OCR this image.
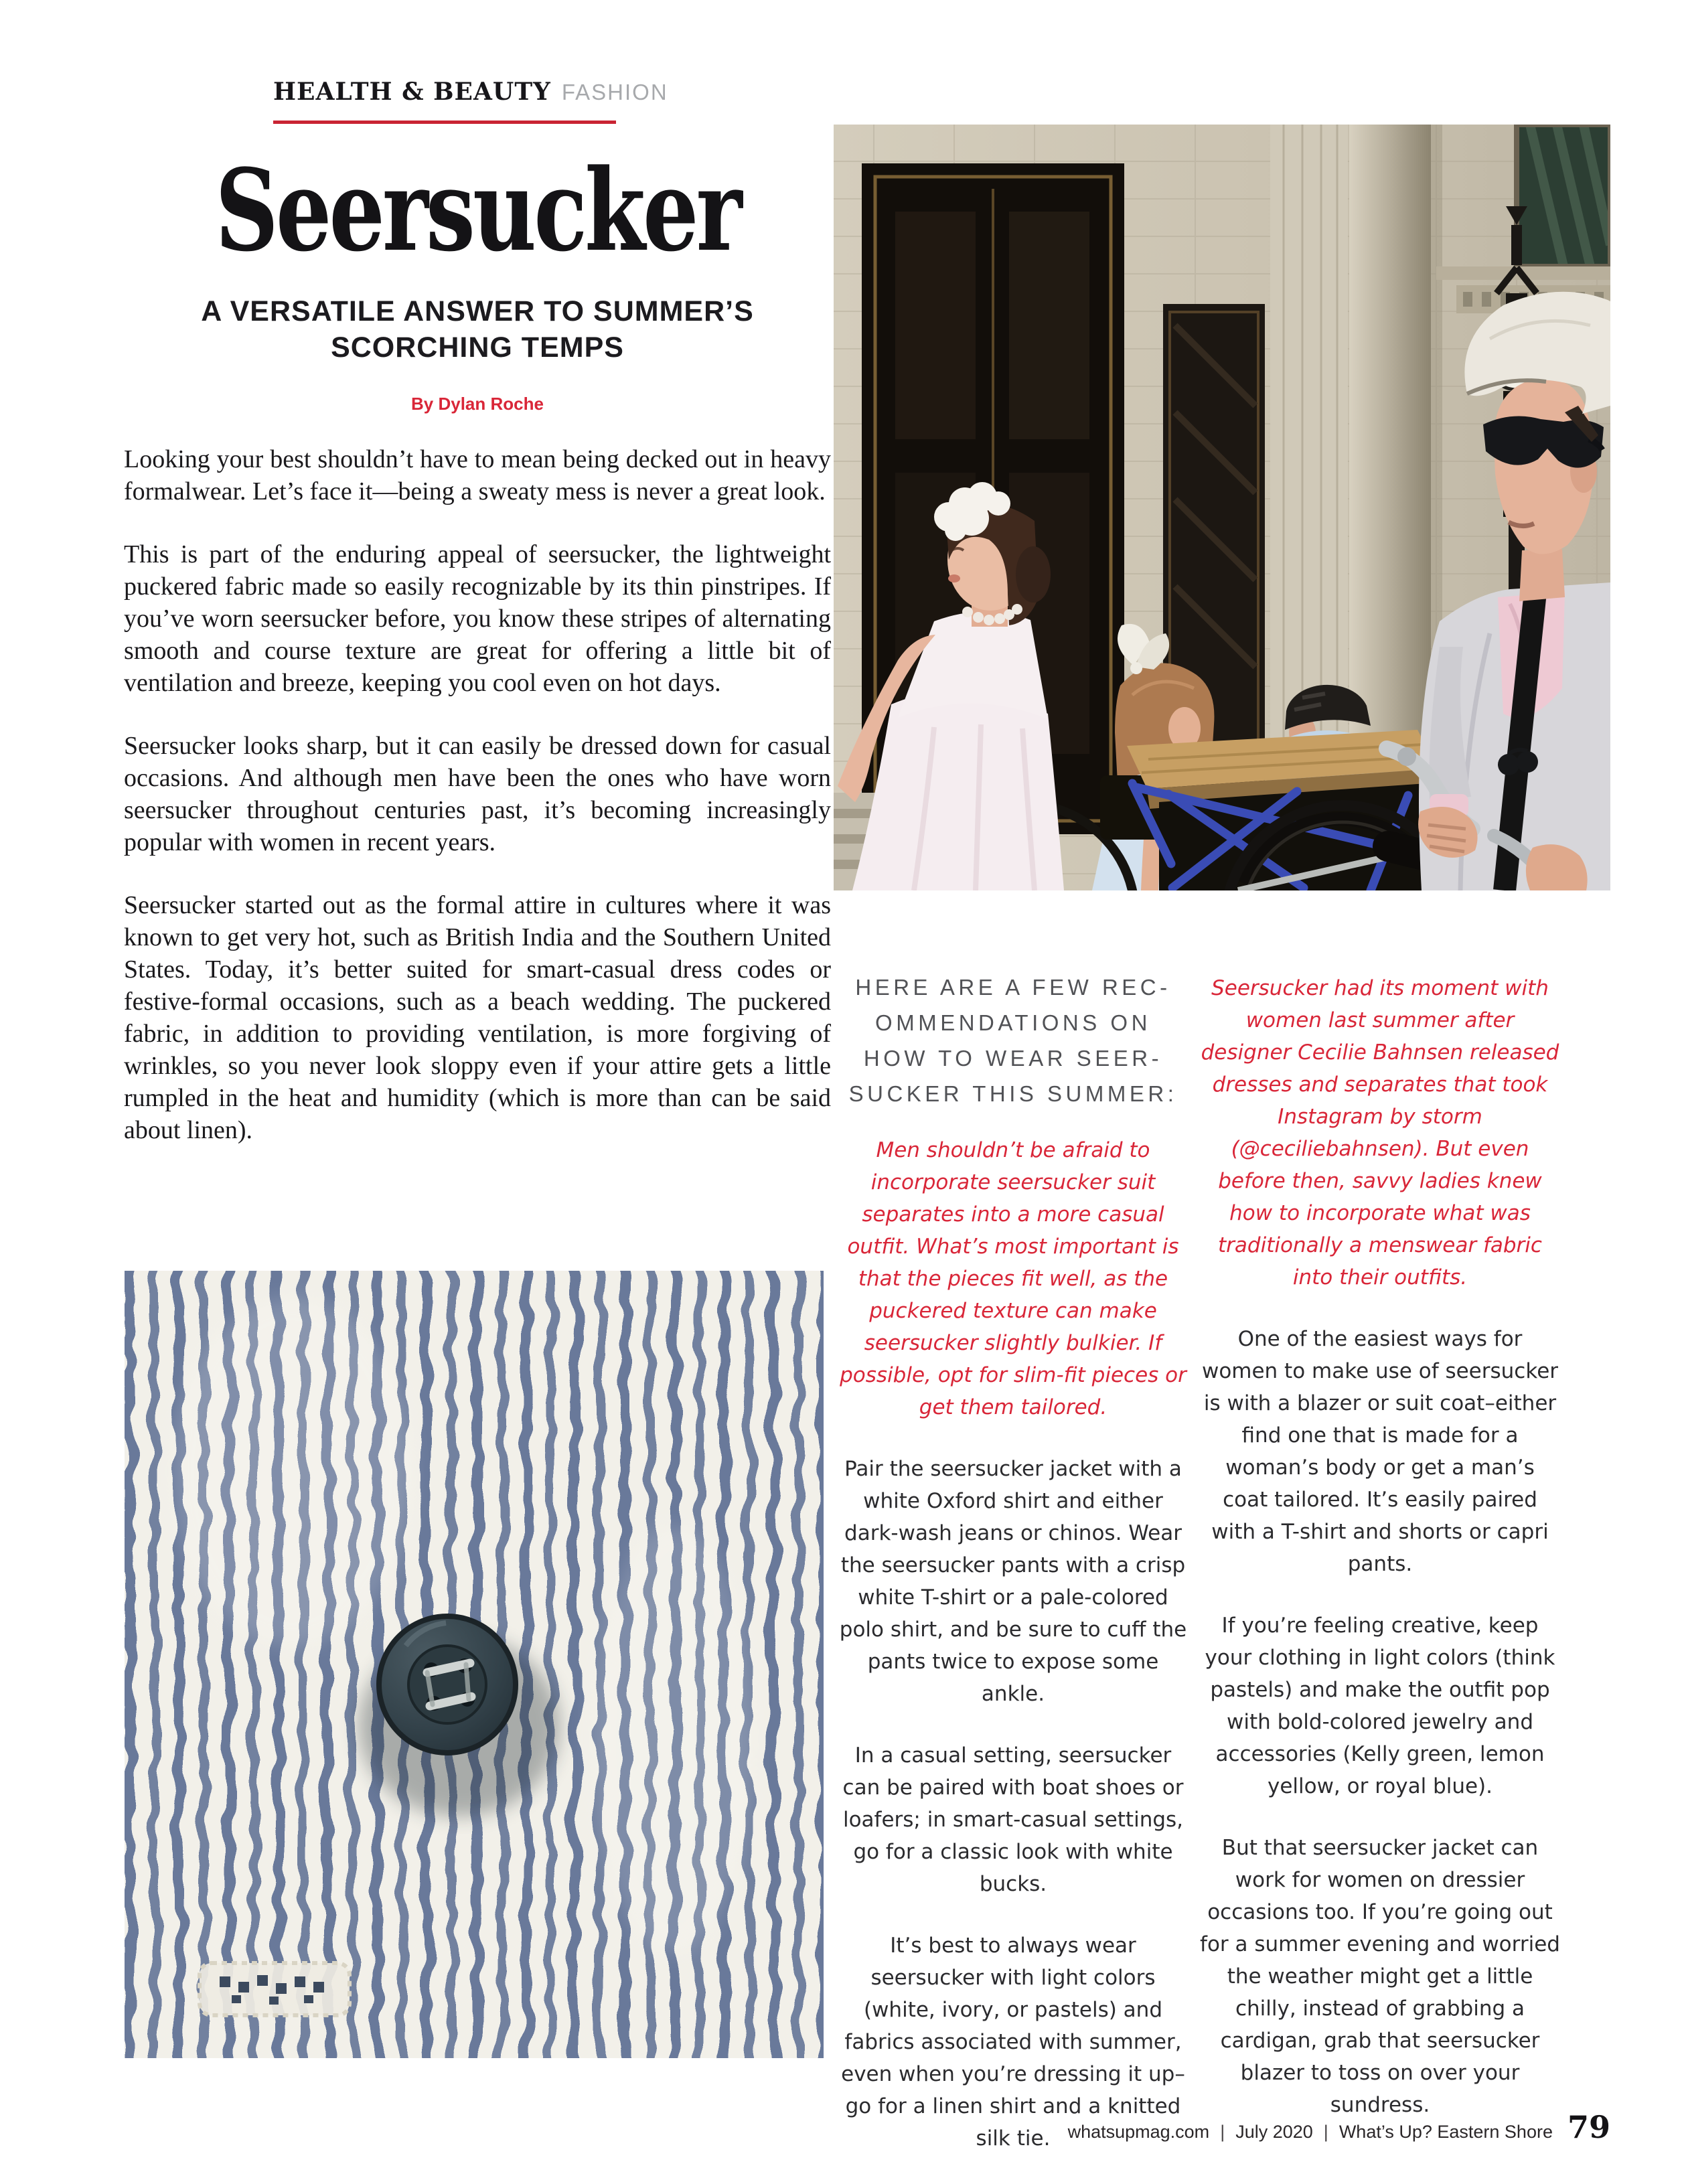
HEALTH & BEAUTY FASHION
Seersucker
A VERSATILE ANSWER TO SUMMER’S
SCORCHING TEMPS
By Dylan Roche

Looking your best shouldn’t have to mean being decked out in heavy formalwear. Let’s face it—being a sweaty mess is never a great look.

This is part of the enduring appeal of seersucker, the lightweight puckered fabric made so easily recognizable by its thin pinstripes. If you’ve worn seersucker before, you know these stripes of alternating smooth and course texture are great for offering a little bit of ventilation and breeze, keeping you cool even on hot days.

Seersucker looks sharp, but it can easily be dressed down for casual occasions. And although men have been the ones who have worn seersucker throughout centuries past, it’s becoming increasingly popular with women in recent years.

Seersucker started out as the formal attire in cultures where it was known to get very hot, such as British India and the Southern United States. Today, it’s better suited for smart-casual dress codes or festive-formal occasions, such as a beach wedding. The puckered fabric, in addition to providing ventilation, is more forgiving of wrinkles, so you never look sloppy even if your attire gets a little rumpled in the heat and humidity (which is more than can be said about linen).

HERE ARE A FEW REC-
OMMENDATIONS ON
HOW TO WEAR SEER-
SUCKER THIS SUMMER:
Men shouldn’t be afraid to incorporate seersucker suit separates into a more casual outfit. What’s most important is that the pieces fit well, as the puckered texture can make seersucker slightly bulkier. If possible, opt for slim-fit pieces or get them tailored.
Pair the seersucker jacket with a white Oxford shirt and either dark-wash jeans or chinos. Wear the seersucker pants with a crisp white T-shirt or a pale-colored polo shirt, and be sure to cuff the pants twice to expose some ankle.
In a casual setting, seersucker can be paired with boat shoes or loafers; in smart-casual settings, go for a classic look with white bucks.
It’s best to always wear seersucker with light colors (white, ivory, or pastels) and fabrics associated with summer, even when you’re dressing it up–go for a linen shirt and a knitted silk tie.
Seersucker had its moment with women last summer after designer Cecilie Bahnsen released dresses and separates that took Instagram by storm (@ceciliebahnsen). But even before then, savvy ladies knew how to incorporate what was traditionally a menswear fabric into their outfits.
One of the easiest ways for women to make use of seersucker is with a blazer or suit coat–either find one that is made for a woman’s body or get a man’s coat tailored. It’s easily paired with a T-shirt and shorts or capri pants.
If you’re feeling creative, keep your clothing in light colors (think pastels) and make the outfit pop with bold-colored jewelry and accessories (Kelly green, lemon yellow, or royal blue).
But that seersucker jacket can work for women on dressier occasions too. If you’re going out for a summer evening and worried the weather might get a little chilly, instead of grabbing a cardigan, grab that seersucker blazer to toss on over your sundress.
whatsupmag.com | July 2020 | What’s Up? Eastern Shore 79
